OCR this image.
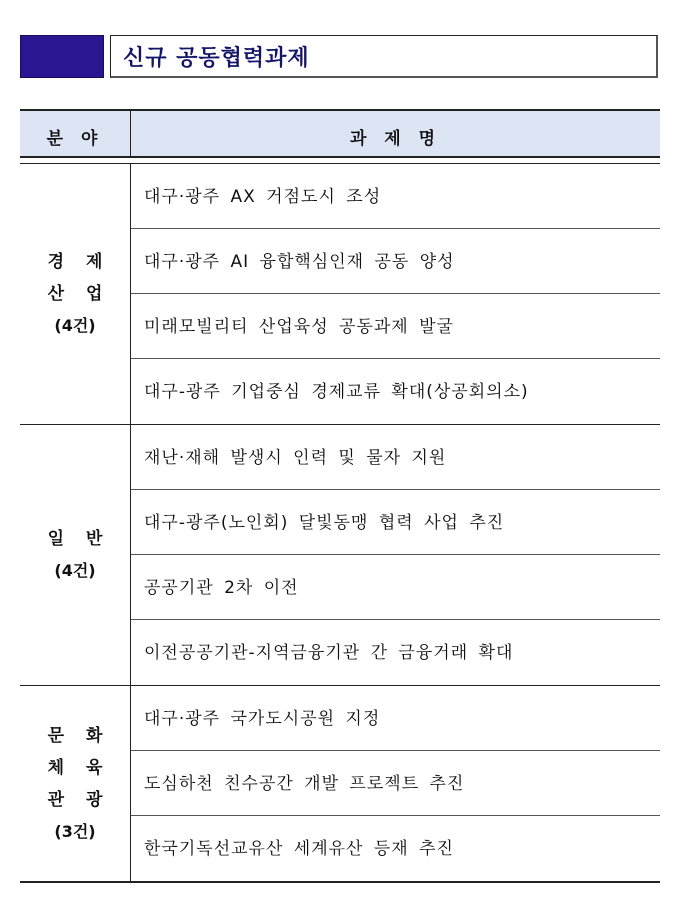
신규 공동협력과제
분 야	과 제 명
경 제
산 업
(4건)
대구·광주 AX 거점도시 조성
대구·광주 AI 융합핵심인재 공동 양성
미래모빌리티 산업육성 공동과제 발굴
대구-광주 기업중심 경제교류 확대(상공회의소)
일 반
(4건)
재난·재해 발생시 인력 및 물자 지원
대구-광주(노인회) 달빛동맹 협력 사업 추진
공공기관 2차 이전
이전공공기관-지역금융기관 간 금융거래 확대
문 화
체 육
관 광
(3건)
대구·광주 국가도시공원 지정
도심하천 친수공간 개발 프로젝트 추진
한국기독선교유산 세계유산 등재 추진
